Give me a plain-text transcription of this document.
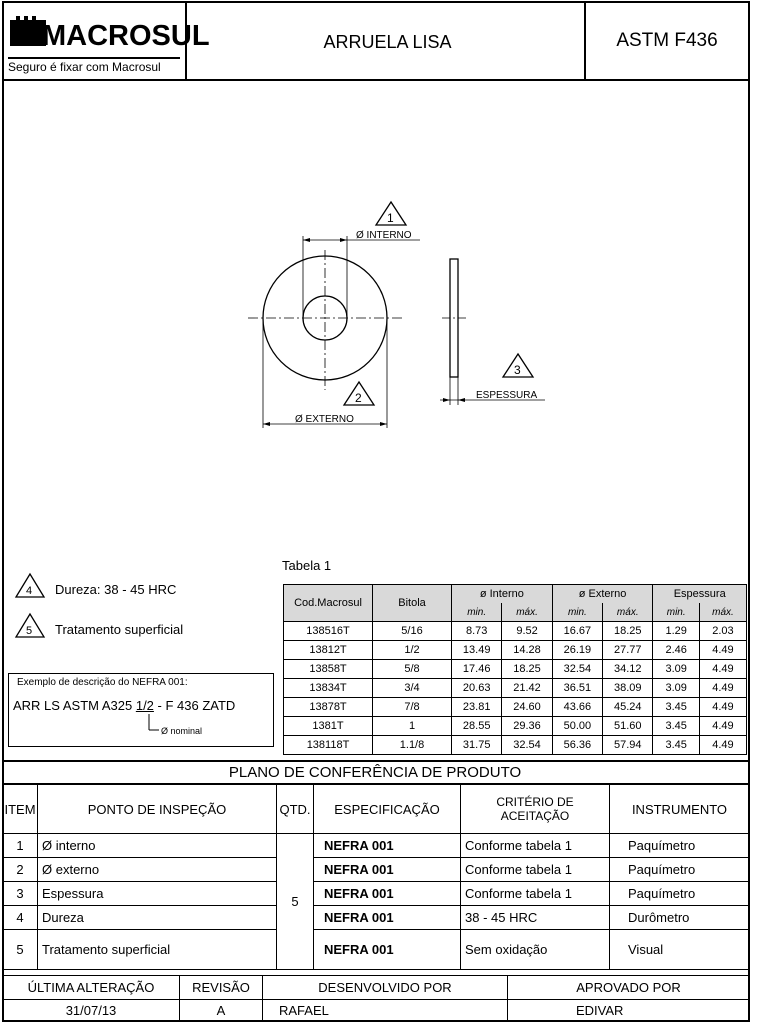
MACROSUL
Seguro é fixar com Macrosul
ARRUELA LISA	ASTM F436
Ø INTERNO
1
Ø EXTERNO
2	ESPESSURA
3
4 Dureza: 38 - 45 HRC
5 Tratamento superficial
Exemplo de descrição do NEFRA 001:
ARR LS ASTM A325 1/2 - F 436 ZATD
Ø nominal
Tabela 1
Cod.Macrosul	Bitola	ø Interno		ø Externo		Espessura	
		min.	máx.	min.	máx.	min.	máx.
138516T	5/16	8.73	9.52	16.67	18.25	1.29	2.03
13812T	1/2	13.49	14.28	26.19	27.77	2.46	4.49
13858T	5/8	17.46	18.25	32.54	34.12	3.09	4.49
13834T	3/4	20.63	21.42	36.51	38.09	3.09	4.49
13878T	7/8	23.81	24.60	43.66	45.24	3.45	4.49
1381T	1	28.55	29.36	50.00	51.60	3.45	4.49
138118T	1.1/8	31.75	32.54	56.36	57.94	3.45	4.49
PLANO DE CONFERÊNCIA DE PRODUTO
ITEM	PONTO DE INSPEÇÃO	QTD.	ESPECIFICAÇÃO	CRITÉRIO DE ACEITAÇÃO	INSTRUMENTO
1	Ø interno	5	NEFRA 001	Conforme tabela 1	Paquímetro
2	Ø externo		NEFRA 001	Conforme tabela 1	Paquímetro
3	Espessura		NEFRA 001	Conforme tabela 1	Paquímetro
4	Dureza		NEFRA 001	38 - 45 HRC	Durômetro
5	Tratamento superficial		NEFRA 001	Sem oxidação	Visual
ÚLTIMA ALTERAÇÃO	REVISÃO	DESENVOLVIDO POR	APROVADO POR
31/07/13	A	RAFAEL	EDIVAR
